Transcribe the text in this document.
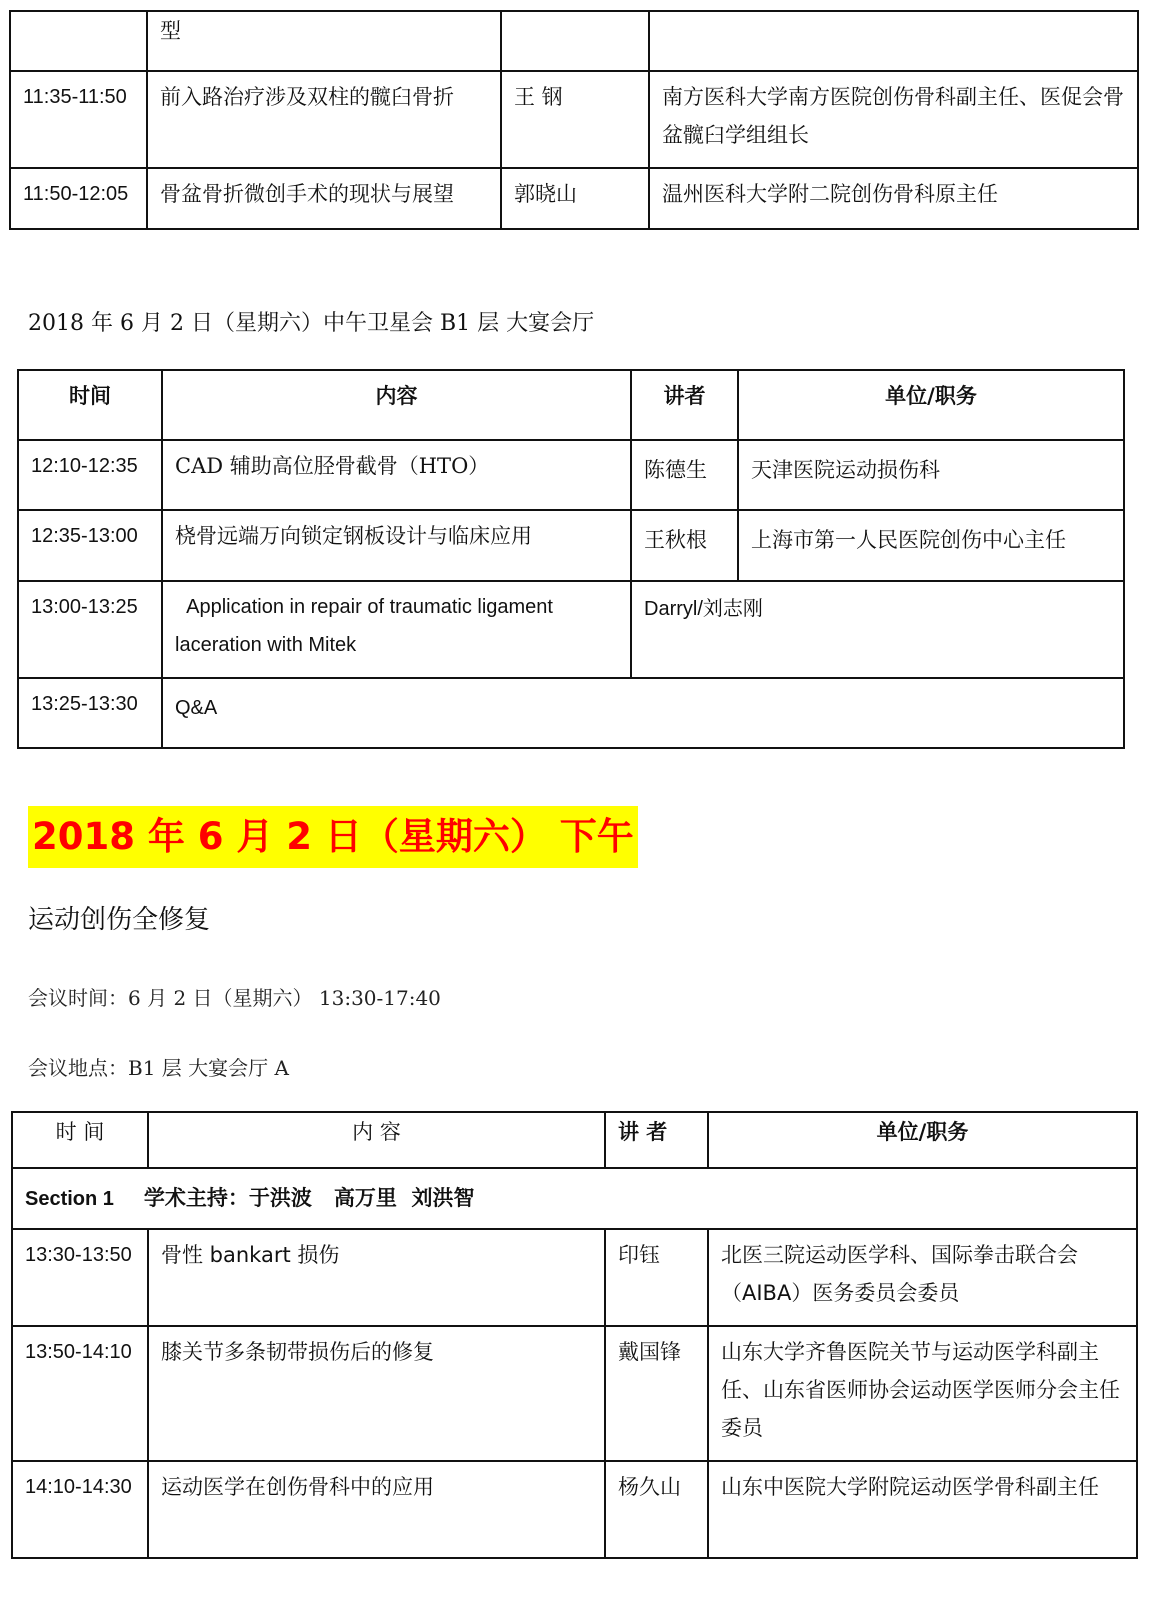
	型		

11:35-11:50	前入路治疗涉及双柱的髋臼骨折	王 钢	南方医科大学南方医院创伤骨科副主任、医促会骨盆髋臼学组组长

11:50-12:05	骨盆骨折微创手术的现状与展望	郭晓山	温州医科大学附二院创伤骨科原主任
2018 年 6 月 2 日（星期六）中午卫星会 B1 层 大宴会厅
时间	内容	讲者	单位/职务

12:10-12:35	CAD 辅助高位胫骨截骨（HTO）	陈德生	天津医院运动损伤科

12:35-13:00	桡骨远端万向锁定钢板设计与临床应用	王秋根	上海市第一人民医院创伤中心主任

13:00-13:25	Application in repair of traumatic ligament laceration with Mitek	Darryl/刘志刚	

13:25-13:30	Q&A		
2018 年 6 月 2 日（星期六） 下午
运动创伤全修复
会议时间：6 月 2 日（星期六） 13:30-17:40
会议地点：B1 层 大宴会厅 A
时 间	内 容	讲 者	单位/职务

Section 1 学术主持：于洪波   高万里  刘洪智			

13:30-13:50	骨性 bankart 损伤	印钰	北医三院运动医学科、国际拳击联合会（AIBA）医务委员会委员

13:50-14:10	膝关节多条韧带损伤后的修复	戴国锋	山东大学齐鲁医院关节与运动医学科副主任、山东省医师协会运动医学医师分会主任委员

14:10-14:30	运动医学在创伤骨科中的应用	杨久山	山东中医院大学附院运动医学骨科副主任
